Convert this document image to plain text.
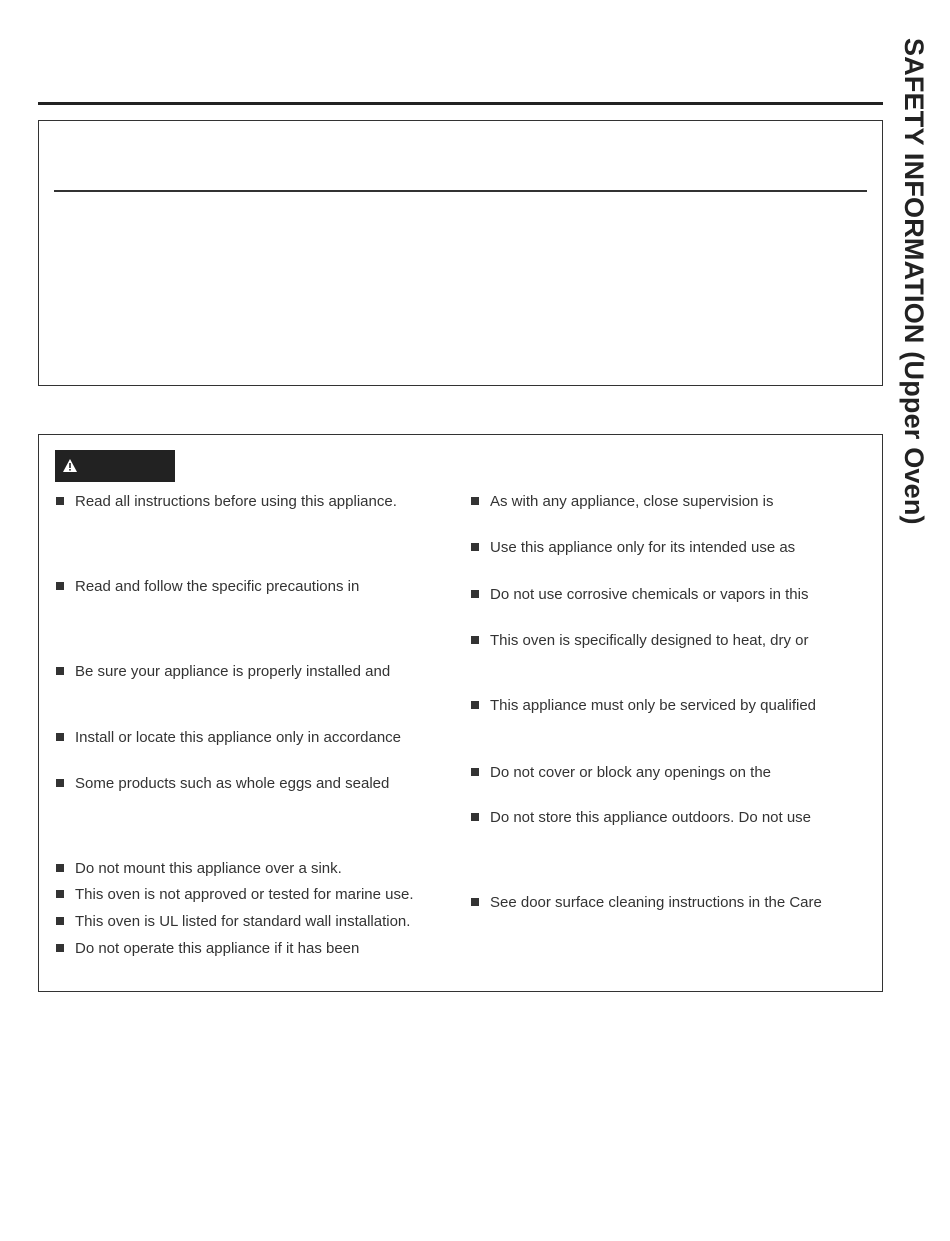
Read all instructions before using this appliance.
Read and follow the specific precautions in
Be sure your appliance is properly installed and
Install or locate this appliance only in accordance
Some products such as whole eggs and sealed
Do not mount this appliance over a sink.
This oven is not approved or tested for marine use.
This oven is UL listed for standard wall installation.
Do not operate this appliance if it has been
As with any appliance, close supervision is
Use this appliance only for its intended use as
Do not use corrosive chemicals or vapors in this
This oven is specifically designed to heat, dry or
This appliance must only be serviced by qualified
Do not cover or block any openings on the
Do not store this appliance outdoors. Do not use
See door surface cleaning instructions in the Care
SAFETY INFORMATION (Upper Oven)
